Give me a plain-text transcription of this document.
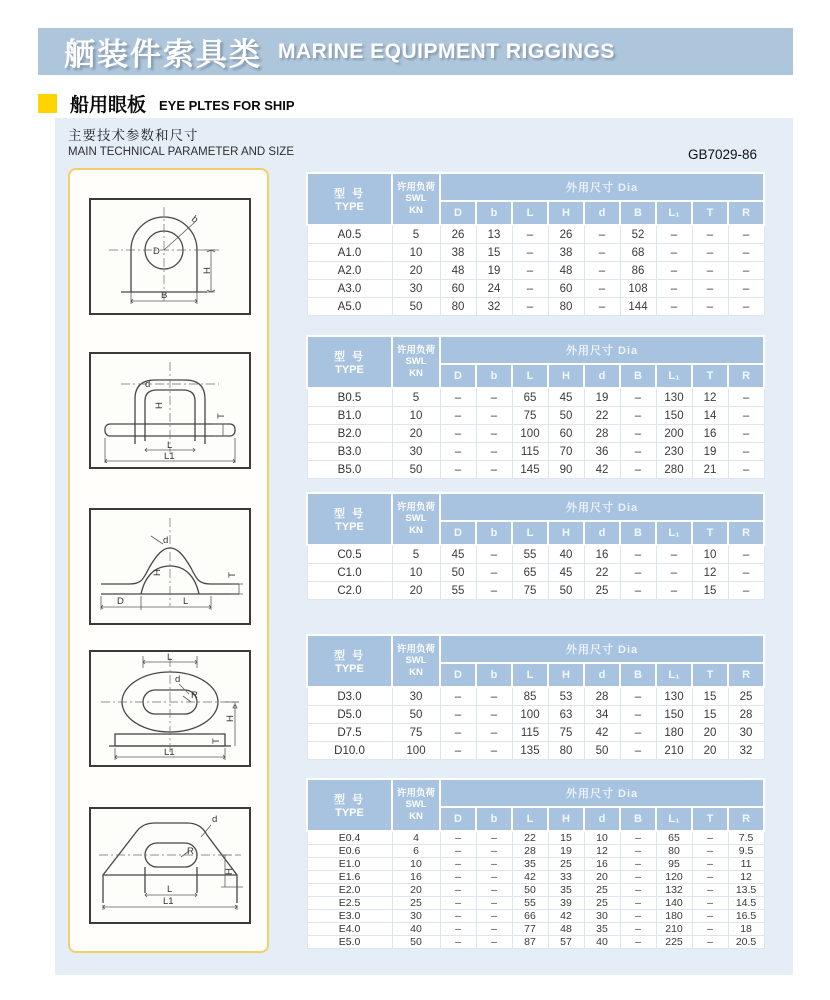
舾装件索具类 MARINE EQUIPMENT RIGGINGS
船用眼板 EYE PLTES FOR SHIP
主要技术参数和尺寸
MAIN TECHNICAL PARAMETER AND SIZE	GB7029-86
D
b
H
B
d
H
T
L
L1
d
H	T
D	L
L
d
R
H
T
L1
d
R
H
L
L1
型 号
TYPE

许用负荷
SWL
KN
	外用尺寸 Dia
		D	b	L	H	d	B	L₁	T	R
A0.5	5	26	13	–	26	–	52	–	–	–
A1.0	10	38	15	–	38	–	68	–	–	–
A2.0	20	48	19	–	48	–	86	–	–	–
A3.0	30	60	24	–	60	–	108	–	–	–
A5.0	50	80	32	–	80	–	144	–	–	–
型 号
TYPE

许用负荷
SWL
KN
	外用尺寸 Dia
		D	b	L	H	d	B	L₁	T	R
B0.5	5	–	–	65	45	19	–	130	12	–
B1.0	10	–	–	75	50	22	–	150	14	–
B2.0	20	–	–	100	60	28	–	200	16	–
B3.0	30	–	–	115	70	36	–	230	19	–
B5.0	50	–	–	145	90	42	–	280	21	–
型 号
TYPE

许用负荷
SWL
KN
	外用尺寸 Dia
		D	b	L	H	d	B	L₁	T	R
C0.5	5	45	–	55	40	16	–	–	10	–
C1.0	10	50	–	65	45	22	–	–	12	–
C2.0	20	55	–	75	50	25	–	–	15	–
型 号
TYPE

许用负荷
SWL
KN
	外用尺寸 Dia
		D	b	L	H	d	B	L₁	T	R
D3.0	30	–	–	85	53	28	–	130	15	25
D5.0	50	–	–	100	63	34	–	150	15	28
D7.5	75	–	–	115	75	42	–	180	20	30
D10.0	100	–	–	135	80	50	–	210	20	32
型 号
TYPE

许用负荷
SWL
KN
	外用尺寸 Dia
		D	b	L	H	d	B	L₁	T	R
E0.4	4	–	–	22	15	10	–	65	–	7.5
E0.6	6	–	–	28	19	12	–	80	–	9.5
E1.0	10	–	–	35	25	16	–	95	–	11
E1.6	16	–	–	42	33	20	–	120	–	12
E2.0	20	–	–	50	35	25	–	132	–	13.5
E2.5	25	–	–	55	39	25	–	140	–	14.5
E3.0	30	–	–	66	42	30	–	180	–	16.5
E4.0	40	–	–	77	48	35	–	210	–	18
E5.0	50	–	–	87	57	40	–	225	–	20.5
